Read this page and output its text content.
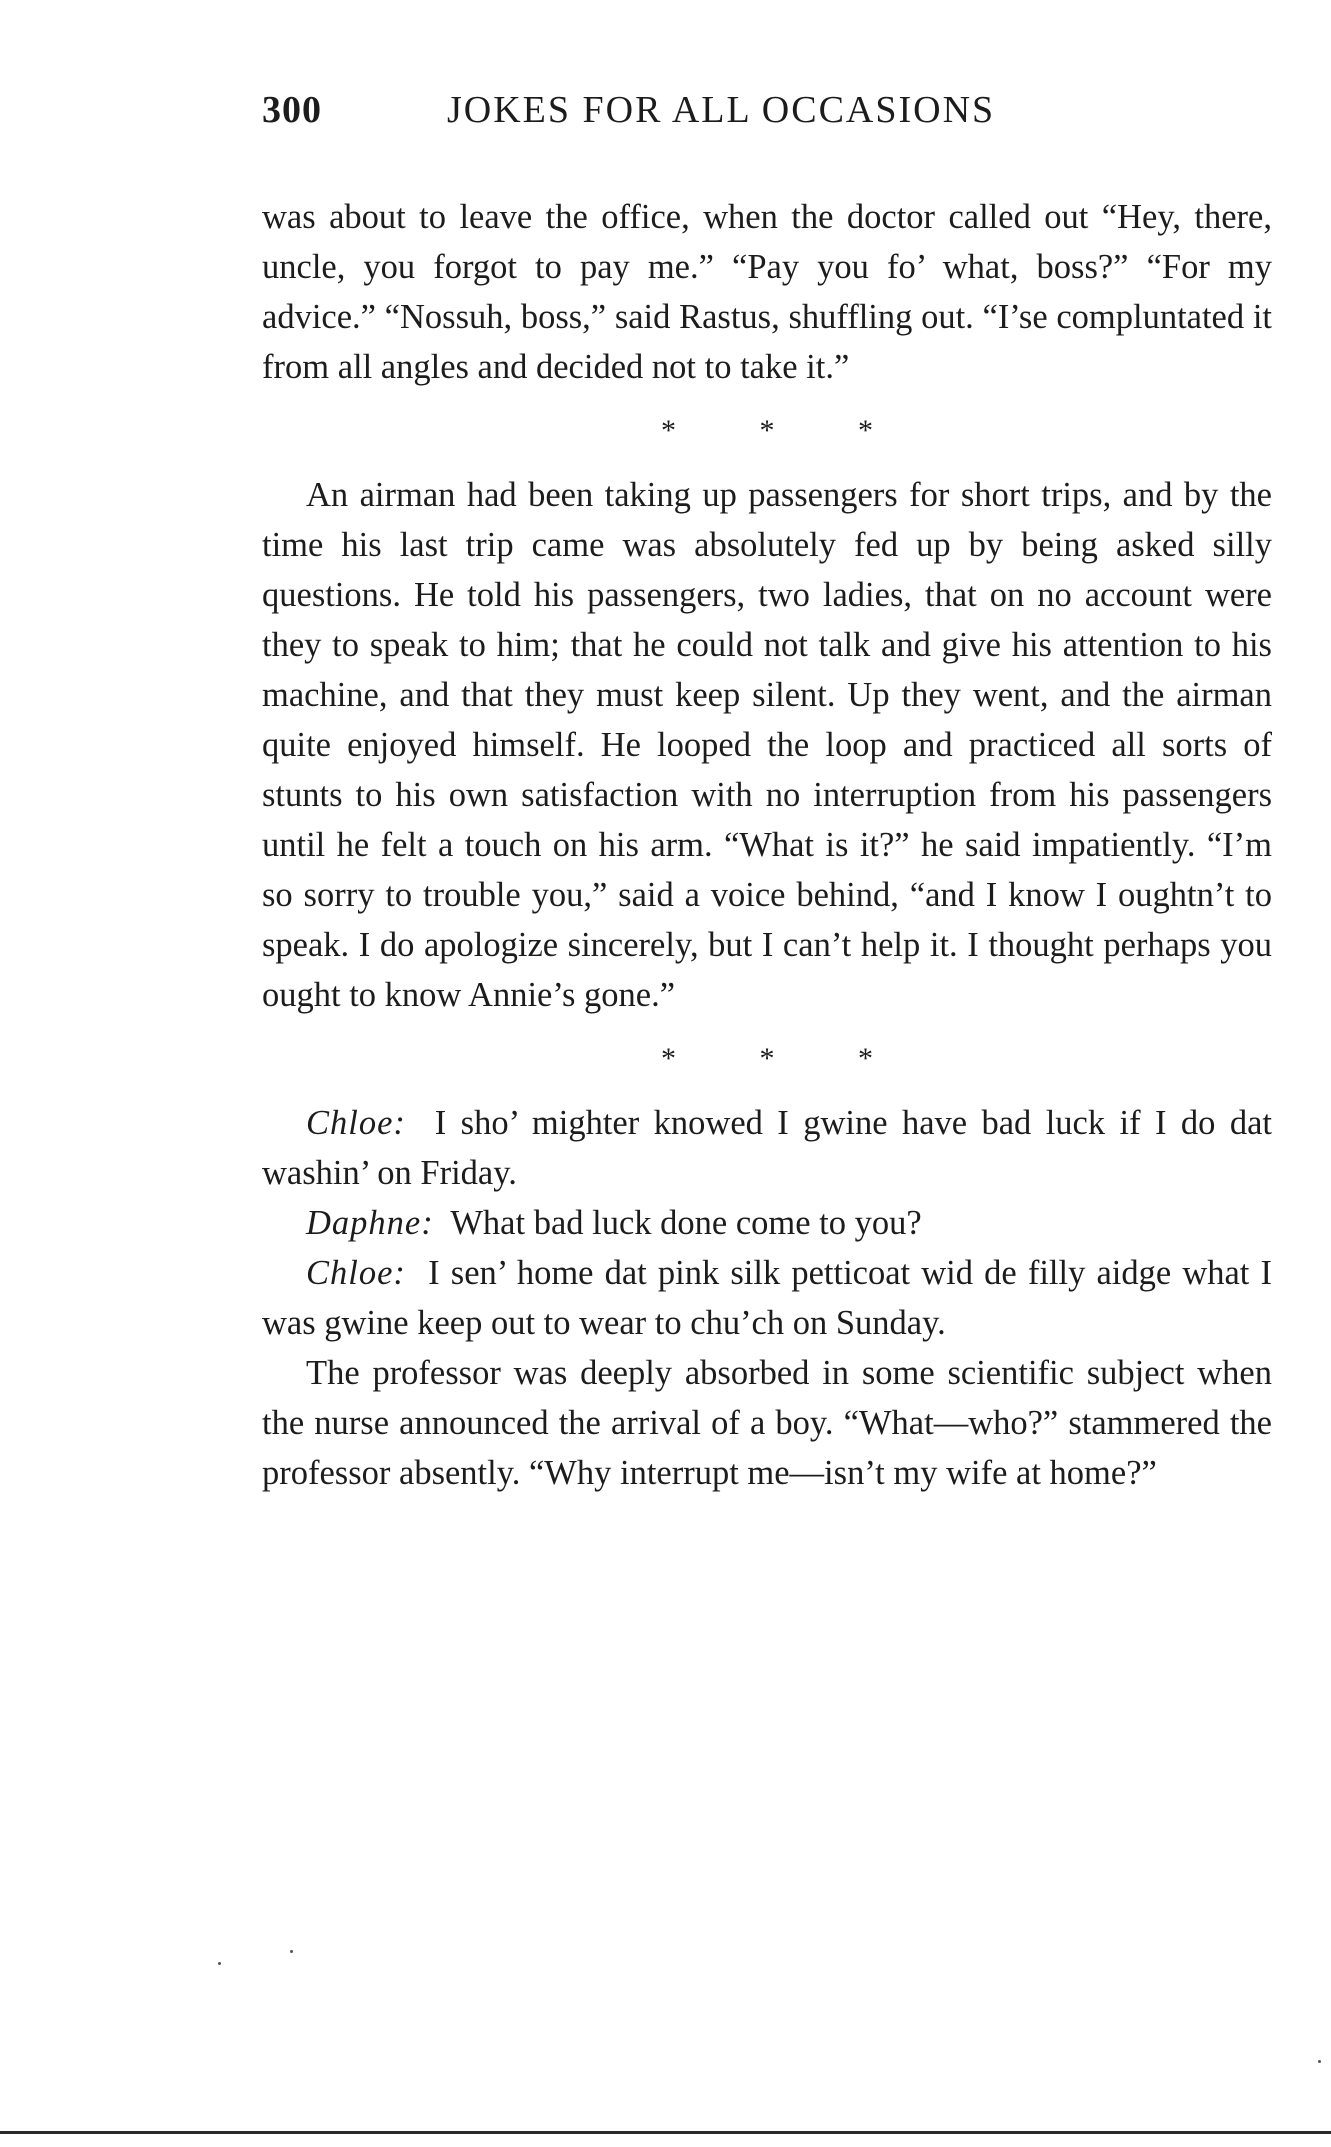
300	JOKES FOR ALL OCCASIONS

was about to leave the office, when the doctor called out “Hey, there, uncle, you forgot to pay me.” “Pay you fo’ what, boss?” “For my advice.” “Nossuh, boss,” said Rastus, shuffling out. “I’se compluntated it from all angles and decided not to take it.”

* * *

An airman had been taking up passengers for short trips, and by the time his last trip came was absolutely fed up by being asked silly questions. He told his passengers, two ladies, that on no account were they to speak to him; that he could not talk and give his attention to his machine, and that they must keep silent. Up they went, and the airman quite enjoyed himself. He looped the loop and practiced all sorts of stunts to his own satisfaction with no interruption from his passengers until he felt a touch on his arm. “What is it?” he said impatiently. “I’m so sorry to trouble you,” said a voice behind, “and I know I oughtn’t to speak. I do apologize sincerely, but I can’t help it. I thought perhaps you ought to know Annie’s gone.”

* * *

Chloe: I sho’ mighter knowed I gwine have bad luck if I do dat washin’ on Friday.

Daphne: What bad luck done come to you?

Chloe: I sen’ home dat pink silk petticoat wid de filly aidge what I was gwine keep out to wear to chu’ch on Sunday.

The professor was deeply absorbed in some scientific subject when the nurse announced the arrival of a boy. “What—who?” stammered the professor absently. “Why interrupt me—isn’t my wife at home?”
